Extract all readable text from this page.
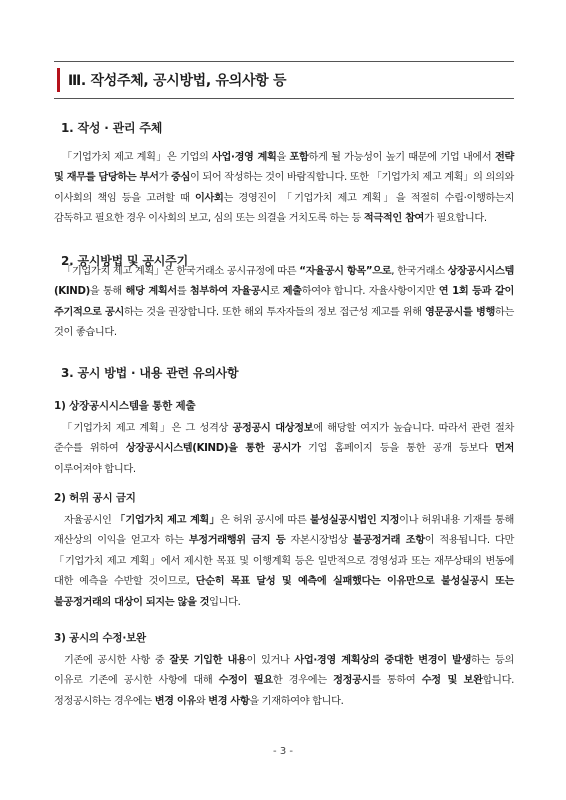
Ⅲ. 작성주체, 공시방법, 유의사항 등
1. 작성 · 관리 주체

「기업가치 제고 계획」은 기업의 사업·경영 계획을 포함하게 될 가능성이 높기 때문에 기업 내에서 전략 및 재무를 담당하는 부서가 중심이 되어 작성하는 것이 바람직합니다. 또한 「기업가치 제고 계획」의 의의와 이사회의 책임 등을 고려할 때 이사회는 경영진이 「기업가치 제고 계획」을 적절히 수립·이행하는지 감독하고 필요한 경우 이사회의 보고, 심의 또는 의결을 거치도록 하는 등 적극적인 참여가 필요합니다.

2. 공시방법 및 공시주기

「기업가치 제고 계획」은 한국거래소 공시규정에 따른 “자율공시 항목”으로, 한국거래소 상장공시시스템(KIND)을 통해 해당 계획서를 첨부하여 자율공시로 제출하여야 합니다. 자율사항이지만 연 1회 등과 같이 주기적으로 공시하는 것을 권장합니다. 또한 해외 투자자들의 정보 접근성 제고를 위해 영문공시를 병행하는 것이 좋습니다.

3. 공시 방법 · 내용 관련 유의사항
1) 상장공시시스템을 통한 제출

「기업가치 제고 계획」은 그 성격상 공정공시 대상정보에 해당할 여지가 높습니다. 따라서 관련 절차 준수를 위하여 상장공시시스템(KIND)을 통한 공시가 기업 홈페이지 등을 통한 공개 등보다 먼저 이루어져야 합니다.

2) 허위 공시 금지

자율공시인 「기업가치 제고 계획」은 허위 공시에 따른 불성실공시법인 지정이나 허위내용 기재를 통해 재산상의 이익을 얻고자 하는 부정거래행위 금지 등 자본시장법상 불공정거래 조항이 적용됩니다. 다만 「기업가치 제고 계획」에서 제시한 목표 및 이행계획 등은 일반적으로 경영성과 또는 재무상태의 변동에 대한 예측을 수반할 것이므로, 단순히 목표 달성 및 예측에 실패했다는 이유만으로 불성실공시 또는 불공정거래의 대상이 되지는 않을 것입니다.

3) 공시의 수정·보완

기존에 공시한 사항 중 잘못 기입한 내용이 있거나 사업·경영 계획상의 중대한 변경이 발생하는 등의 이유로 기존에 공시한 사항에 대해 수정이 필요한 경우에는 정정공시를 통하여 수정 및 보완합니다. 정정공시하는 경우에는 변경 이유와 변경 사항을 기재하여야 합니다.

- 3 -
